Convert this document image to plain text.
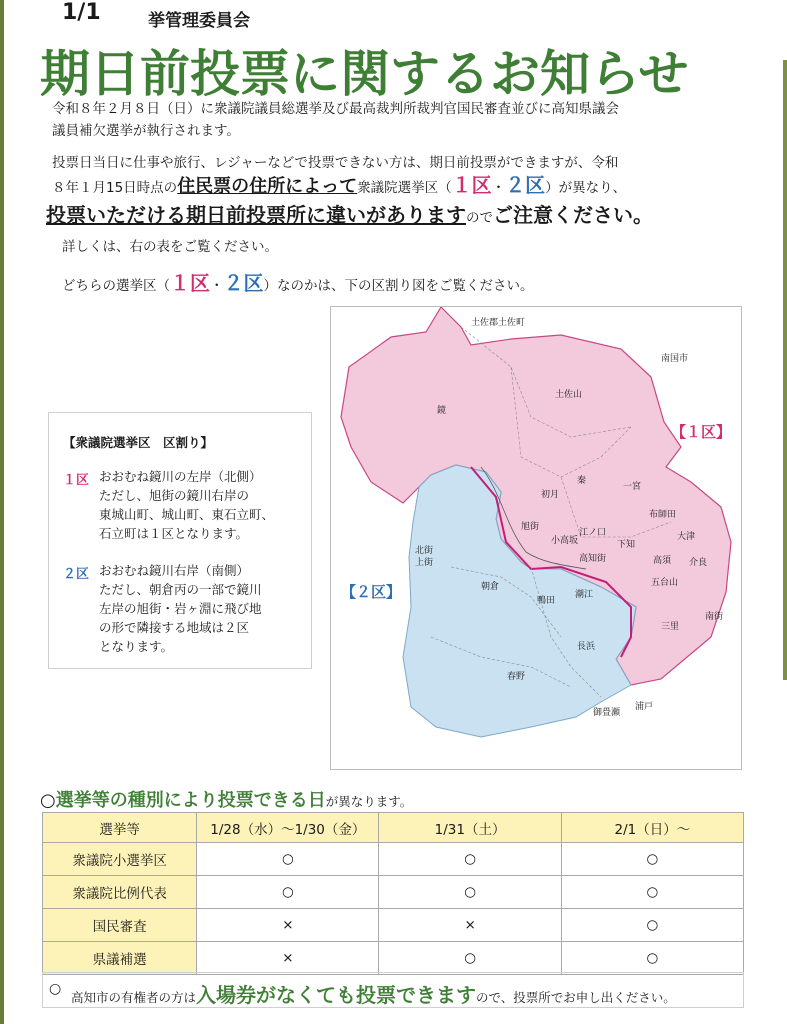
1/1	挙管理委員会
期日前投票に関するお知らせ
令和８年２月８日（日）に衆議院議員総選挙及び最高裁判所裁判官国民審査並びに高知県議会
議員補欠選挙が執行されます。
投票日当日に仕事や旅行、レジャーなどで投票できない方は、期日前投票ができますが、令和
８年１月15日時点の住民票の住所によって衆議院選挙区（１区・２区）が異なり、
投票いただける期日前投票所に違いがありますのでご注意ください。
詳しくは、右の表をご覧ください。
どちらの選挙区（１区・２区）なのかは、下の区割り図をご覧ください。
【衆議院選挙区　区割り】
１区 おおむね鏡川の左岸（北側）
ただし、旭街の鏡川右岸の
東城山町、城山町、東石立町、
石立町は１区となります。
２区 おおむね鏡川右岸（南側）
ただし、朝倉丙の一部で鏡川
左岸の旭街・岩ヶ淵に飛び地
の形で隣接する地域は２区
となります。
土佐郡土佐町
南国市
鏡
土佐山
秦
一宮
初月
布師田
旭街
江ノ口
小高坂	下知
高知街
大津
高須 介良
北街
上街
五台山
朝倉
鴨田
潮江
南街
三里
長浜
春野
浦戸
御畳瀬
【１区】
【２区】
○選挙等の種別により投票できる日が異なります。
選挙等	1/28（水）～1/30（金）	1/31（土）	2/1（日）～
衆議院小選挙区	○	○	○
衆議院比例代表	○	○	○
国民審査	×	×	○
県議補選	×	○	○
○
高知市の有権者の方は入場券がなくても投票できますので、投票所でお申し出ください。
